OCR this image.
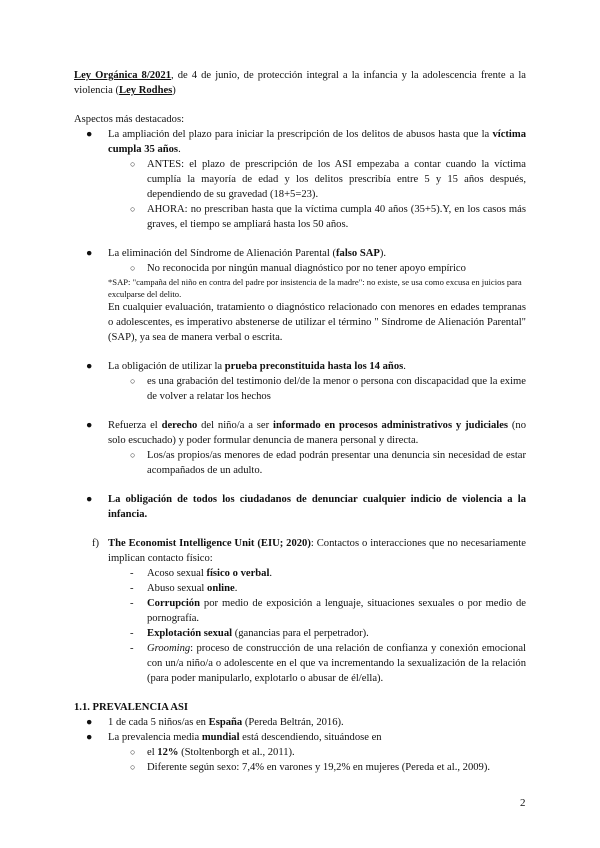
Ley Orgánica 8/2021, de 4 de junio, de protección integral a la infancia y la adolescencia frente a la violencia (Ley Rodhes)

Aspectos más destacados:

● La ampliación del plazo para iniciar la prescripción de los delitos de abusos hasta que la víctima cumpla 35 años.
○ ANTES: el plazo de prescripción de los ASI empezaba a contar cuando la víctima cumplía la mayoría de edad y los delitos prescribía entre 5 y 15 años después, dependiendo de su gravedad (18+5=23).
○ AHORA: no prescriban hasta que la víctima cumpla 40 años (35+5).Y, en los casos más graves, el tiempo se ampliará hasta los 50 años.
● La eliminación del Síndrome de Alienación Parental (falso SAP).
○ No reconocida por ningún manual diagnóstico por no tener apoyo empírico

*SAP: "campaña del niño en contra del padre por insistencia de la madre": no existe, se usa como excusa en juicios para exculparse del delito.

En cualquier evaluación, tratamiento o diagnóstico relacionado con menores en edades tempranas o adolescentes, es imperativo abstenerse de utilizar el término " Síndrome de Alienación Parental" (SAP), ya sea de manera verbal o escrita.

● La obligación de utilizar la prueba preconstituida hasta los 14 años.
○ es una grabación del testimonio del/de la menor o persona con discapacidad que la exime de volver a relatar los hechos
● Refuerza el derecho del niño/a a ser informado en procesos administrativos y judiciales (no solo escuchado) y poder formular denuncia de manera personal y directa.
○ Los/as propios/as menores de edad podrán presentar una denuncia sin necesidad de estar acompañados de un adulto.
● La obligación de todos los ciudadanos de denunciar cualquier indicio de violencia a la infancia.
f) The Economist Intelligence Unit (EIU; 2020): Contactos o interacciones que no necesariamente implican contacto físico:
- Acoso sexual físico o verbal.
- Abuso sexual online.
- Corrupción por medio de exposición a lenguaje, situaciones sexuales o por medio de pornografía.
- Explotación sexual (ganancias para el perpetrador).
- Grooming: proceso de construcción de una relación de confianza y conexión emocional con un/a niño/a o adolescente en el que va incrementando la sexualización de la relación (para poder manipularlo, explotarlo o abusar de él/ella).

1.1. PREVALENCIA ASI

● 1 de cada 5 niños/as en España (Pereda Beltrán, 2016).
● La prevalencia media mundial está descendiendo, situándose en
○ el 12% (Stoltenborgh et al., 2011).
○ Diferente según sexo: 7,4% en varones y 19,2% en mujeres (Pereda et al., 2009).
2
